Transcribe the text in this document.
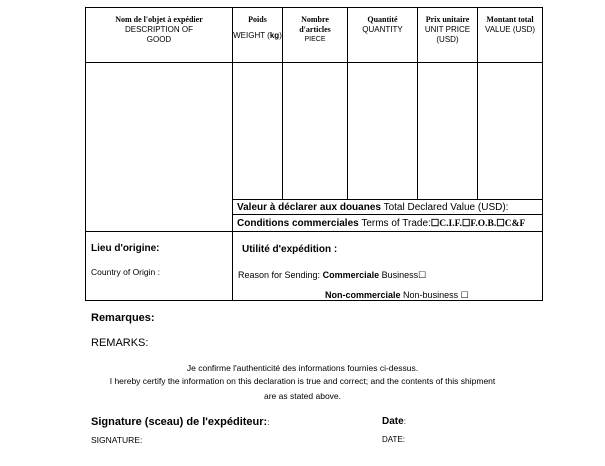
Nom de l'objet à expédier
DESCRIPTION OF GOOD
Poids
WEIGHT (kg)
Nombre d'articles
PIECE
Quantité
QUANTITY
Prix unitaire
UNIT PRICE (USD)
Montant total
VALUE (USD)
Valeur à déclarer aux douanes Total Declared Value (USD):
Conditions commerciales Terms of Trade:☐C.I.F.☐F.O.B.☐C&F
Lieu d'origine:
Country of Origin :
Utilité d'expédition :
Reason for Sending: Commerciale Business☐
Non-commerciale Non-business ☐
Remarques:
REMARKS:
Je confirme l'authenticité des informations fournies ci-dessus.
I hereby certify the information on this declaration is true and correct; and the contents of this shipment
are as stated above.
Signature (sceau) de l'expéditeur::
SIGNATURE:
Date:
DATE:
